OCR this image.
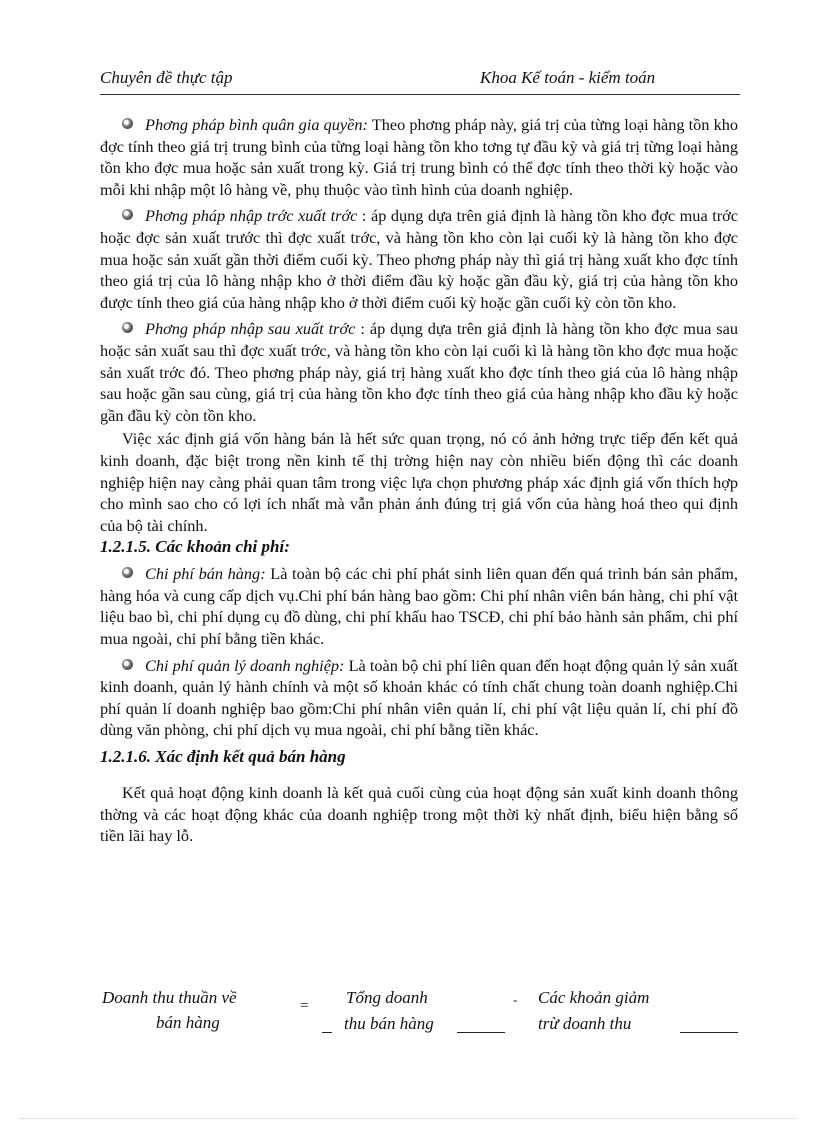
Chuyên đề thực tập	Khoa Kế toán - kiểm toán

Phơng pháp bình quân gia quyền: Theo phơng pháp này, giá trị của từng loại hàng tồn kho đợc tính theo giá trị trung bình của từng loại hàng tồn kho tơng tự đầu kỳ và giá trị từng loại hàng tồn kho đợc mua hoặc sản xuất trong kỳ. Giá trị trung bình có thể đợc tính theo thời kỳ hoặc vào mỗi khi nhập một lô hàng về, phụ thuộc vào tình hình của doanh nghiệp.

Phơng pháp nhập trớc xuất trớc : áp dụng dựa trên giả định là hàng tồn kho đợc mua trớc hoặc đợc sản xuất trước thì đợc xuất trớc, và hàng tồn kho còn lại cuối kỳ là hàng tồn kho đợc mua hoặc sản xuất gần thời điểm cuối kỳ. Theo phơng pháp này thì giá trị hàng xuất kho đợc tính theo giá trị của lô hàng nhập kho ở thời điểm đầu kỳ hoặc gần đầu kỳ, giá trị của hàng tồn kho được tính theo giá của hàng nhập kho ở thời điểm cuối kỳ hoặc gần cuối kỳ còn tồn kho.

Phơng pháp nhập sau xuất trớc : áp dụng dựa trên giả định là hàng tồn kho đợc mua sau hoặc sản xuất sau thì đợc xuất trớc, và hàng tồn kho còn lại cuối kì là hàng tồn kho đợc mua hoặc sản xuất trớc đó. Theo phơng pháp này, giá trị hàng xuất kho đợc tính theo giá của lô hàng nhập sau hoặc gần sau cùng, giá trị của hàng tồn kho đợc tính theo giá của hàng nhập kho đầu kỳ hoặc gần đầu kỳ còn tồn kho.

Việc xác định giá vốn hàng bán là hết sức quan trọng, nó có ảnh hởng trực tiếp đến kết quả kinh doanh, đặc biệt trong nền kinh tế thị trờng hiện nay còn nhiều biến động thì các doanh nghiệp hiện nay càng phải quan tâm trong việc lựa chọn phương pháp xác định giá vốn thích hợp cho mình sao cho có lợi ích nhất mà vẫn phản ánh đúng trị giá vốn của hàng hoá theo qui định của bộ tài chính.

1.2.1.5. Các khoản chi phí:

Chi phí bán hàng: Là toàn bộ các chi phí phát sinh liên quan đến quá trình bán sản phẩm, hàng hóa và cung cấp dịch vụ.Chi phí bán hàng bao gồm: Chi phí nhân viên bán hàng, chi phí vật liệu bao bì, chi phí dụng cụ đồ dùng, chi phí khấu hao TSCĐ, chi phí bảo hành sản phẩm, chi phí mua ngoài, chi phí bằng tiền khác.

Chi phí quản lý doanh nghiệp: Là toàn bộ chi phí liên quan đến hoạt động quản lý sản xuất kinh doanh, quản lý hành chính và một số khoản khác có tính chất chung toàn doanh nghiệp.Chi phí quản lí doanh nghiệp bao gồm:Chi phí nhân viên quản lí, chi phí vật liệu quản lí, chi phí đồ dùng văn phòng, chi phí dịch vụ mua ngoài, chi phí bằng tiền khác.

1.2.1.6. Xác định kết quả bán hàng

Kết quả hoạt động kinh doanh là kết quả cuối cùng của hoạt động sản xuất kinh doanh thông thờng và các hoạt động khác của doanh nghiệp trong một thời kỳ nhất định, biểu hiện bằng số tiền lãi hay lỗ.

Doanh thu thuần về
bán hàng
= Tổng doanh
thu bán hàng
- Các khoản giảm
trừ doanh thu
